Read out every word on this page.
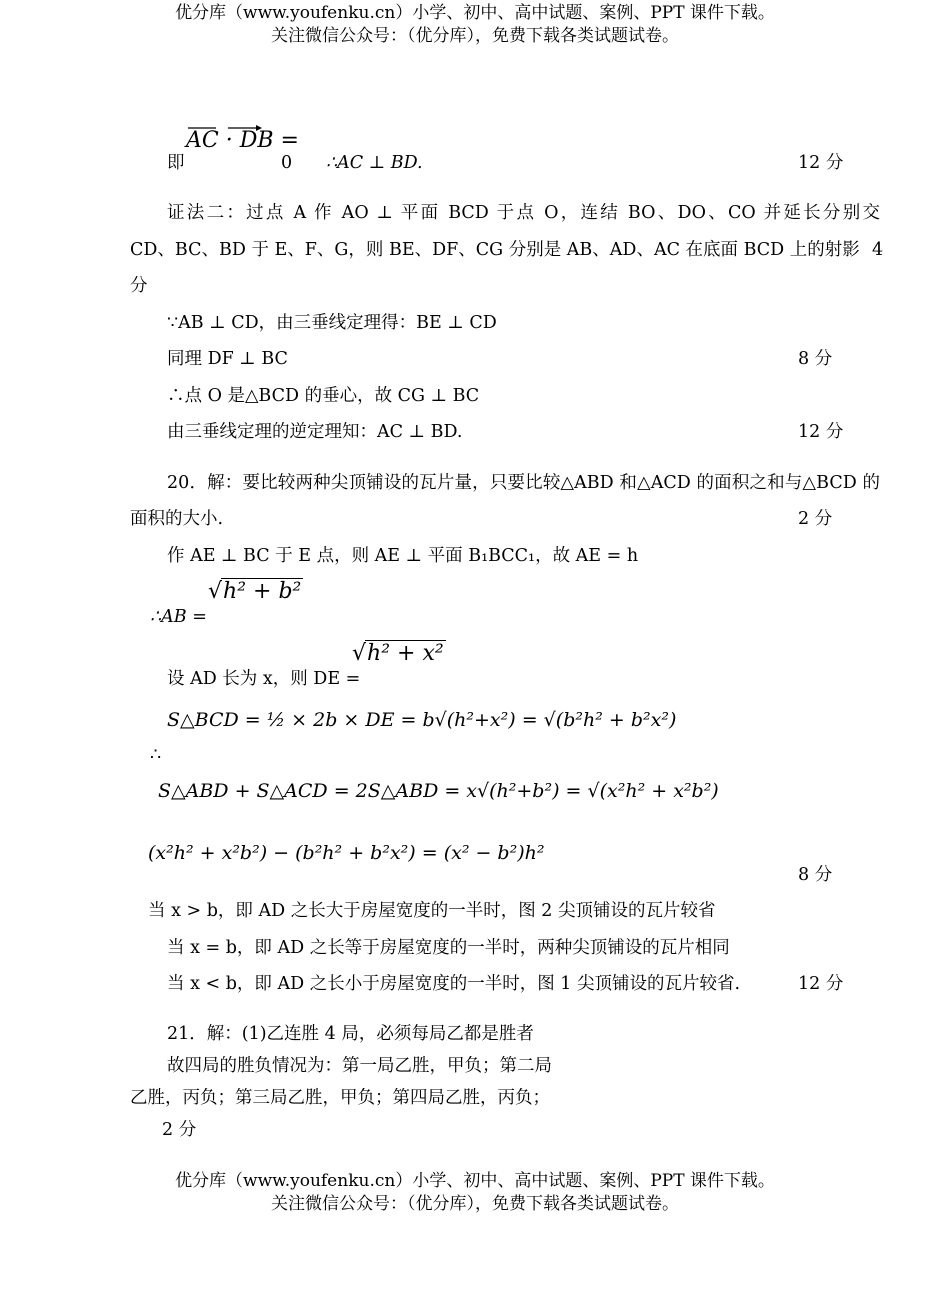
优分库（www.youfenku.cn）小学、初中、高中试题、案例、PPT 课件下载。
关注微信公众号：（优分库），免费下载各类试题试卷。
AC · DB =
即	0 ∴AC ⊥ BD.	12 分
证法二：过点 A 作 AO ⊥ 平面 BCD 于点 O，连结 BO、DO、CO 并延长分别交
CD、BC、BD 于 E、F、G，则 BE、DF、CG 分别是 AB、AD、AC 在底面 BCD 上的射影 4
分
∵AB ⊥ CD，由三垂线定理得：BE ⊥ CD
同理 DF ⊥ BC	8 分
∴点 O 是△BCD 的垂心，故 CG ⊥ BC
由三垂线定理的逆定理知：AC ⊥ BD.	12 分
20．解：要比较两种尖顶铺设的瓦片量，只要比较△ABD 和△ACD 的面积之和与△BCD 的
面积的大小.	2 分
作 AE ⊥ BC 于 E 点，则 AE ⊥ 平面 B₁BCC₁，故 AE = h
√h² + b²
∴AB =
√h² + x²
设 AD 长为 x，则 DE =
S△BCD = ½ × 2b × DE = b√(h²+x²) = √(b²h² + b²x²)
∴
S△ABD + S△ACD = 2S△ABD = x√(h²+b²) = √(x²h² + x²b²)
(x²h² + x²b²) − (b²h² + b²x²) = (x² − b²)h²
8 分
当 x > b，即 AD 之长大于房屋宽度的一半时，图 2 尖顶铺设的瓦片较省
当 x = b，即 AD 之长等于房屋宽度的一半时，两种尖顶铺设的瓦片相同
当 x < b，即 AD 之长小于房屋宽度的一半时，图 1 尖顶铺设的瓦片较省.	12 分
21．解：(1)乙连胜 4 局，必须每局乙都是胜者
故四局的胜负情况为：第一局乙胜，甲负；第二局
乙胜，丙负；第三局乙胜，甲负；第四局乙胜，丙负；
2 分
优分库（www.youfenku.cn）小学、初中、高中试题、案例、PPT 课件下载。
关注微信公众号：（优分库），免费下载各类试题试卷。
